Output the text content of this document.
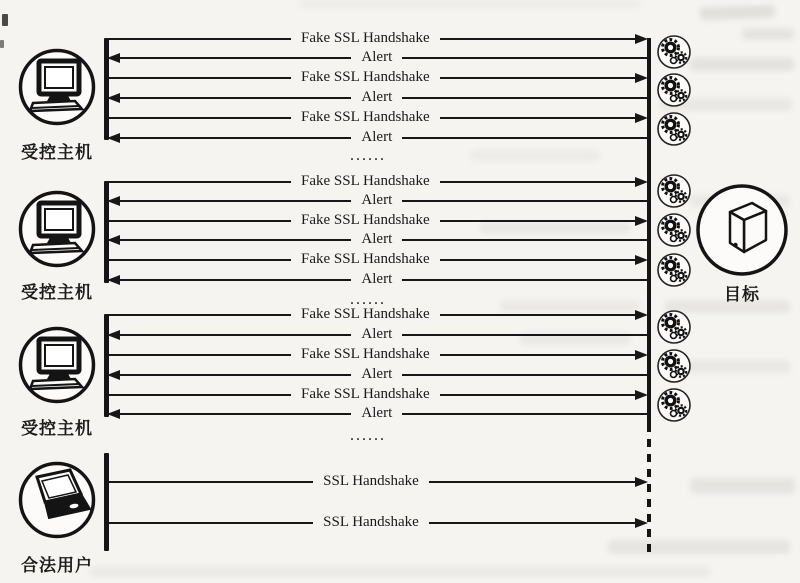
Fake SSL Handshake
Alert
Fake SSL Handshake
Alert
Fake SSL Handshake
Alert
......
Fake SSL Handshake
Alert
Fake SSL Handshake
Alert
Fake SSL Handshake
Alert
......
Fake SSL Handshake
Alert
Fake SSL Handshake
Alert
Fake SSL Handshake
Alert
......
SSL Handshake
SSL Handshake
受控主机
受控主机
受控主机
合法用户
目标
